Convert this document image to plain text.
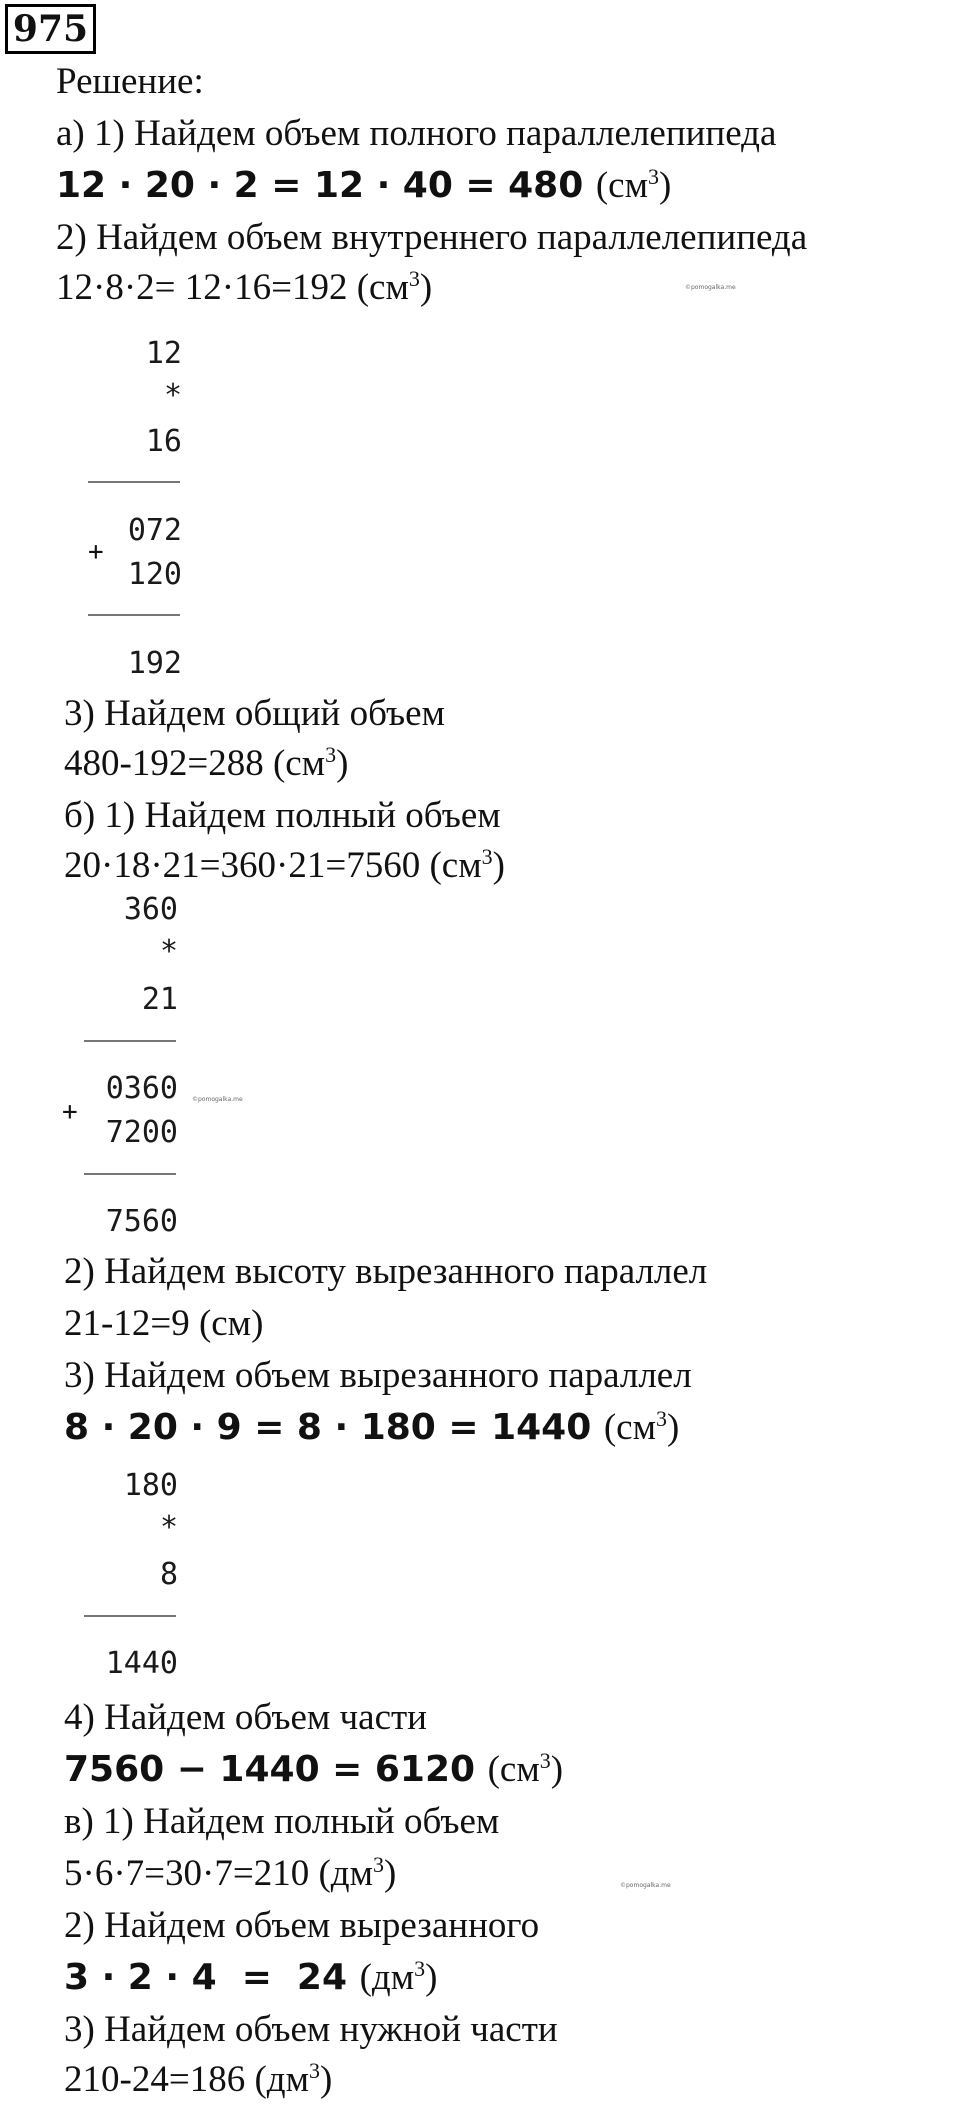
975
Решение:
а) 1) Найдем объем полного параллелепипеда
12 · 20 · 2 = 12 · 40 = 480 $(см^3)$
2) Найдем объем внутреннего параллелепипеда
12·8·2= 12·16=192 $(см^3)$	©pomogalka.me
12
*
16
072
+
120
192
3) Найдем общий объем
480-192=288 $(см^3)$
б) 1) Найдем полный объем
20·18·21=360·21=7560 $(см^3)$
360
*
21
0360 ©pomogalka.me
+
7200
7560
2) Найдем высоту вырезанного параллел
21-12=9 (см)
3) Найдем объем вырезанного параллел
8 · 20 · 9 = 8 · 180 = 1440 $(см^3)$
180
*
8
1440
4) Найдем объем части
7560 − 1440 = 6120 $(см^3)$
в) 1) Найдем полный объем
5·6·7=30·7=210 $(дм^3)$	©pomogalka.me
2) Найдем объем вырезанного
3 · 2 · 4  =  24 $(дм^3)$
3) Найдем объем нужной части
210-24=186 $(дм^3)$
